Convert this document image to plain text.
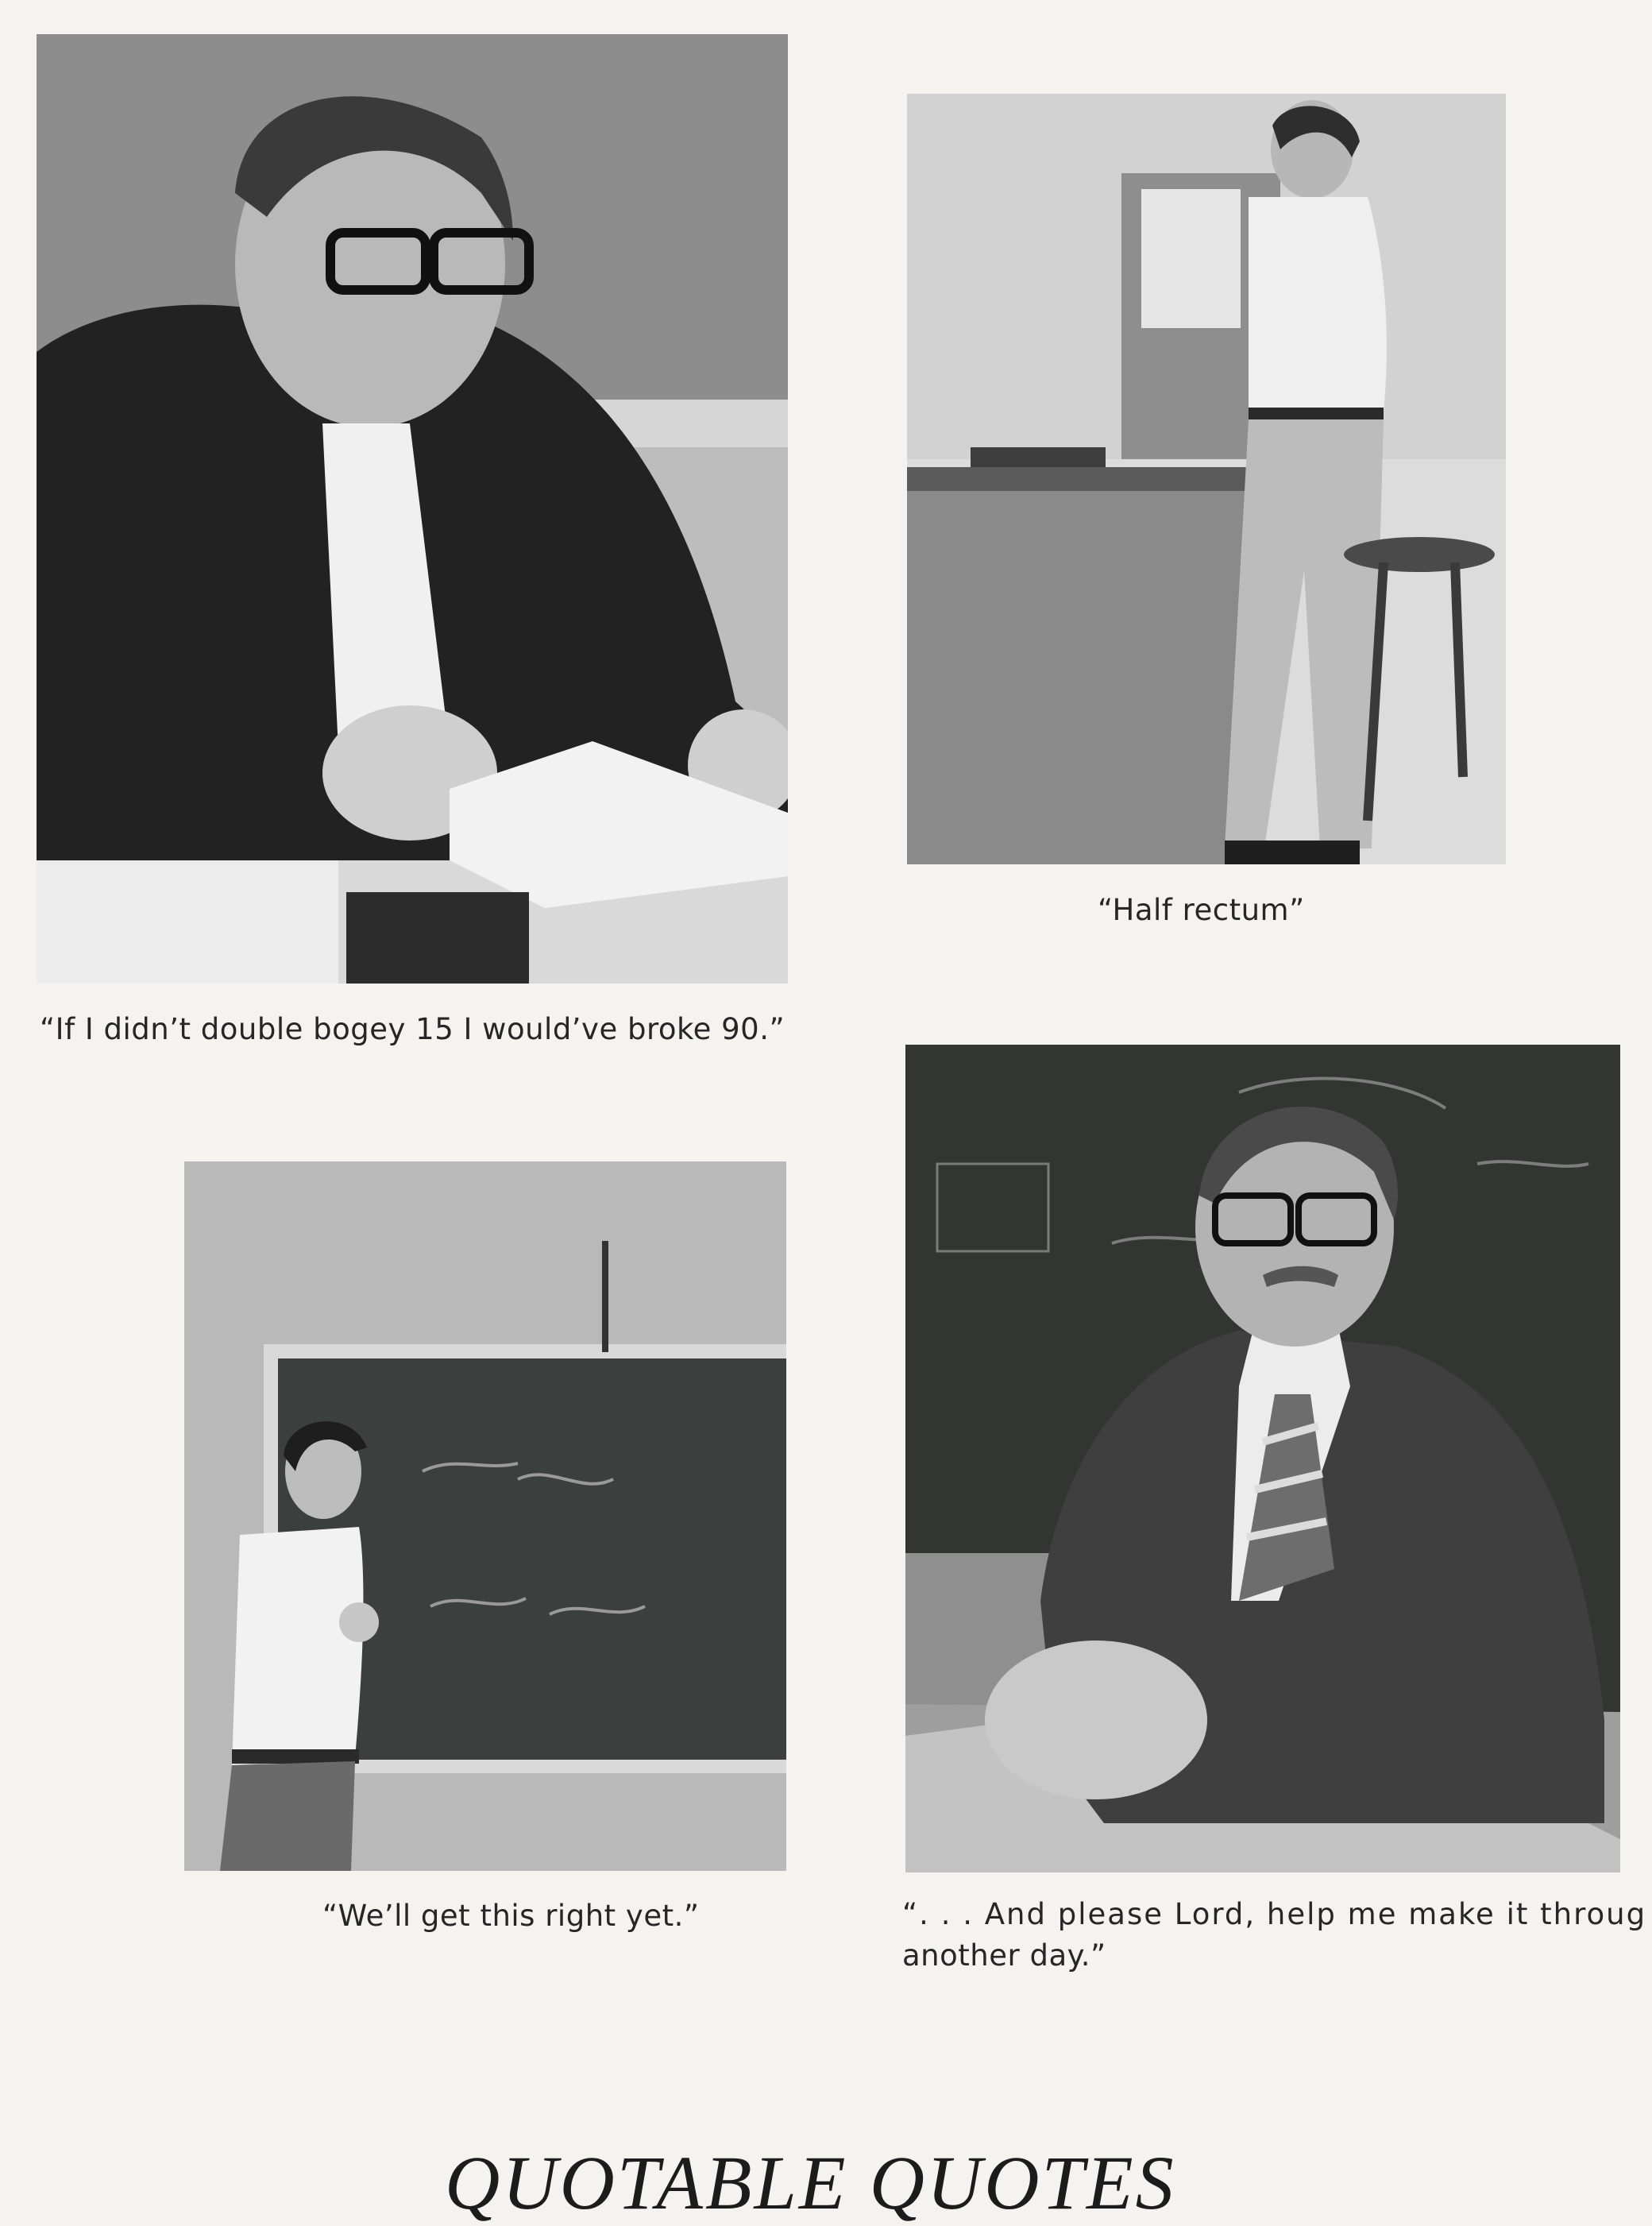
“Half rectum”
“If I didn’t double bogey 15 I would’ve broke 90.”
“We’ll get this right yet.”	“. . . And please Lord, help me make it throug
another day.”
QUOTABLE QUOTES
